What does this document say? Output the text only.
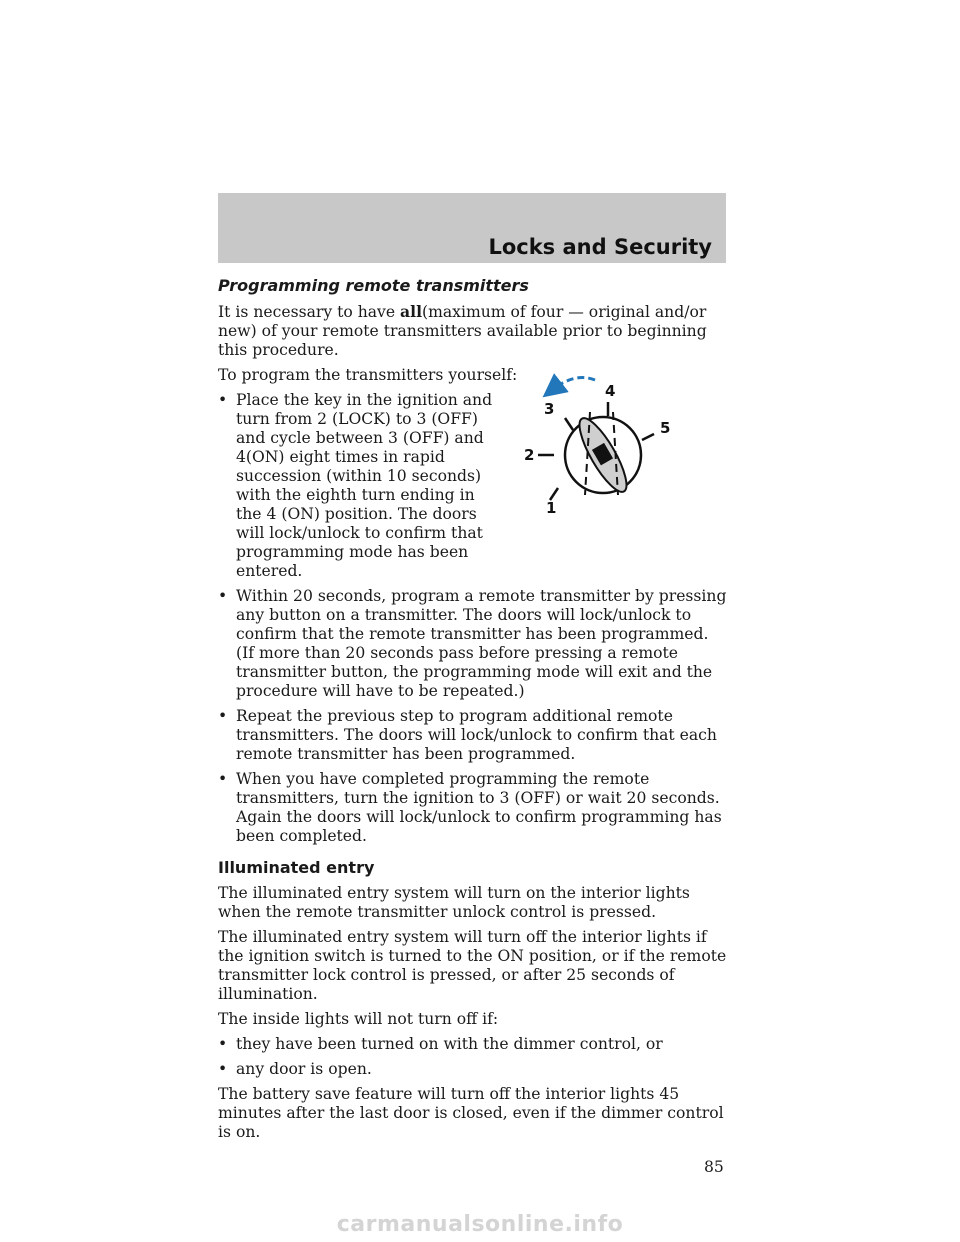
Locks and Security
Programming remote transmitters

It is necessary to have all(maximum of four — original and/or new) of your remote transmitters available prior to beginning this procedure.

To program the transmitters yourself:

• Place the key in the ignition and turn from 2 (LOCK) to 3 (OFF) and cycle between 3 (OFF) and 4(ON) eight times in rapid succession (within 10 seconds) with the eighth turn ending in the 4 (ON) position. The doors will lock/unlock to confirm that programming mode has been entered.
• Within 20 seconds, program a remote transmitter by pressing any button on a transmitter. The doors will lock/unlock to confirm that the remote transmitter has been programmed. (If more than 20 seconds pass before pressing a remote transmitter button, the programming mode will exit and the procedure will have to be repeated.)
• Repeat the previous step to program additional remote transmitters. The doors will lock/unlock to confirm that each remote transmitter has been programmed.
• When you have completed programming the remote transmitters, turn the ignition to 3 (OFF) or wait 20 seconds. Again the doors will lock/unlock to confirm programming has been completed.
Illuminated entry

The illuminated entry system will turn on the interior lights when the remote transmitter unlock control is pressed.

The illuminated entry system will turn off the interior lights if the ignition switch is turned to the ON position, or if the remote transmitter lock control is pressed, or after 25 seconds of illumination.

The inside lights will not turn off if:

• they have been turned on with the dimmer control, or
• any door is open.

The battery save feature will turn off the interior lights 45 minutes after the last door is closed, even if the dimmer control is on.

1
2
3
4
5
85
carmanualsonline.info
